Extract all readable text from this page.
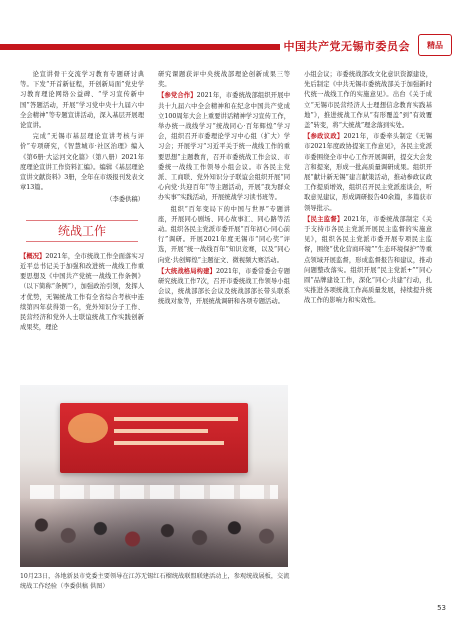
中国共产党无锡市委员会	精品

论宣讲骨干交流学习教育专题研讨典等。下发“开首新征程，开创新局面”党史学习教育理论网络公益碑、“学习宣传新中国”答题活动，开展“学习党中央十九届六中全会精神”等专题宣讲活动，深入基层开展理论宣讲。

完成“无锡市基层理论宣讲考核与评价”专项研究，《智慧城市·社区治理》编入《第6册·大运河文化篇》（第八册）2021年度理论宣讲工作资料汇编》。编辑《基层理论宣讲文献资料》3册，全年在市级报刊发表文章13篇。

（李委供稿）

统战工作

【概况】2021年，全市统战工作全面落实习近平总书记关于加强和改进统一战线工作重要思想及《中国共产党统一战线工作条例》（以下简称“条例”），加强政治引领，发挥人才优势，无锡统战工作有全省综合考核中连续第四年获得第一名，党外知识分子工作、民营经济和党外人士联谊统战工作实践创新成果奖，理论

研究课题获评中央统战部理论创新成果三等奖。

【参党合作】2021年，市委统战部组织开展中共十九届六中全会精神和在纪念中国共产党成立100周年大会上重要讲话精神学习宣传工作，举办统一战线学习“统战同心·百年辉煌”学习会，组织召开市委理论学习中心组（扩大）学习会；开展学习“习近平关于统一战线工作的重要思想”主题教育，召开市委统战工作会议、市委统一战线工作领导小组会议。市各民主党派、工商联、党外知识分子联谊会组织开展“同心向党·共迎百年”等主题活动，开展“我为群众办实事”实践活动，开展统战学习读书班等。

组织“百年变局下的中国与世界”专题讲座，开展同心剧场、同心故事汇、同心路等活动。组织各民主党派市委开展“百年初心·同心前行”调研。开展2021年度无锡市“同心奖”评选，开展“统一战线百年”知识竞赛，以及“同心向党·共创辉煌”主题征文、微视频大赛活动。

【大统战格局构建】2021年，市委常委会专题研究统战工作7次，召开市委统战工作领导小组会议，统战部部长会议及统战部部长带头联系统战对象等，开展统战调研和各项专题活动。

小组会议；市委统战部改文化意识资源建设，先后制定《中共无锡市委统战部关于加强新时代统一战线工作的实施意见》。出台《关于成立“无锡市民营经济人士理想信念教育实践基地”》，推进统战工作从“有形覆盖”到“有效覆盖”转变，将“大统战”理念落到实处。

【参政议政】2021年，市委牵头制定《无锡市2021年度政协提案工作意见》，各民主党派市委围绕全市中心工作开展调研，提交大会发言和提案，形成一批高质量调研成果。组织开展“献计新无锡”建言献策活动，推动参政议政工作提质增效，组织召开民主党派座谈会，听取意见建议，形成调研报告40余篇，多篇获市领导批示。

【民主监督】2021年，市委统战部制定《关于支持市各民主党派开展民主监督的实施意见》，组织各民主党派市委开展专项民主监督，围绕“优化营商环境”“生态环境保护”等重点领域开展监督，形成监督报告和建议，推动问题整改落实。组织开展“民主党派+”“同心圆”品牌建设工作，深化“同心·共建”行动，扎实推进各项统战工作高质量发展，持续提升统战工作的影响力和实效性。

10月23日，各地新县市党委主要领导在江苏无锡红石榴统战联盟联建活动上，参观统战展板，交流统战工作经验（李委供稿 供图）
53
